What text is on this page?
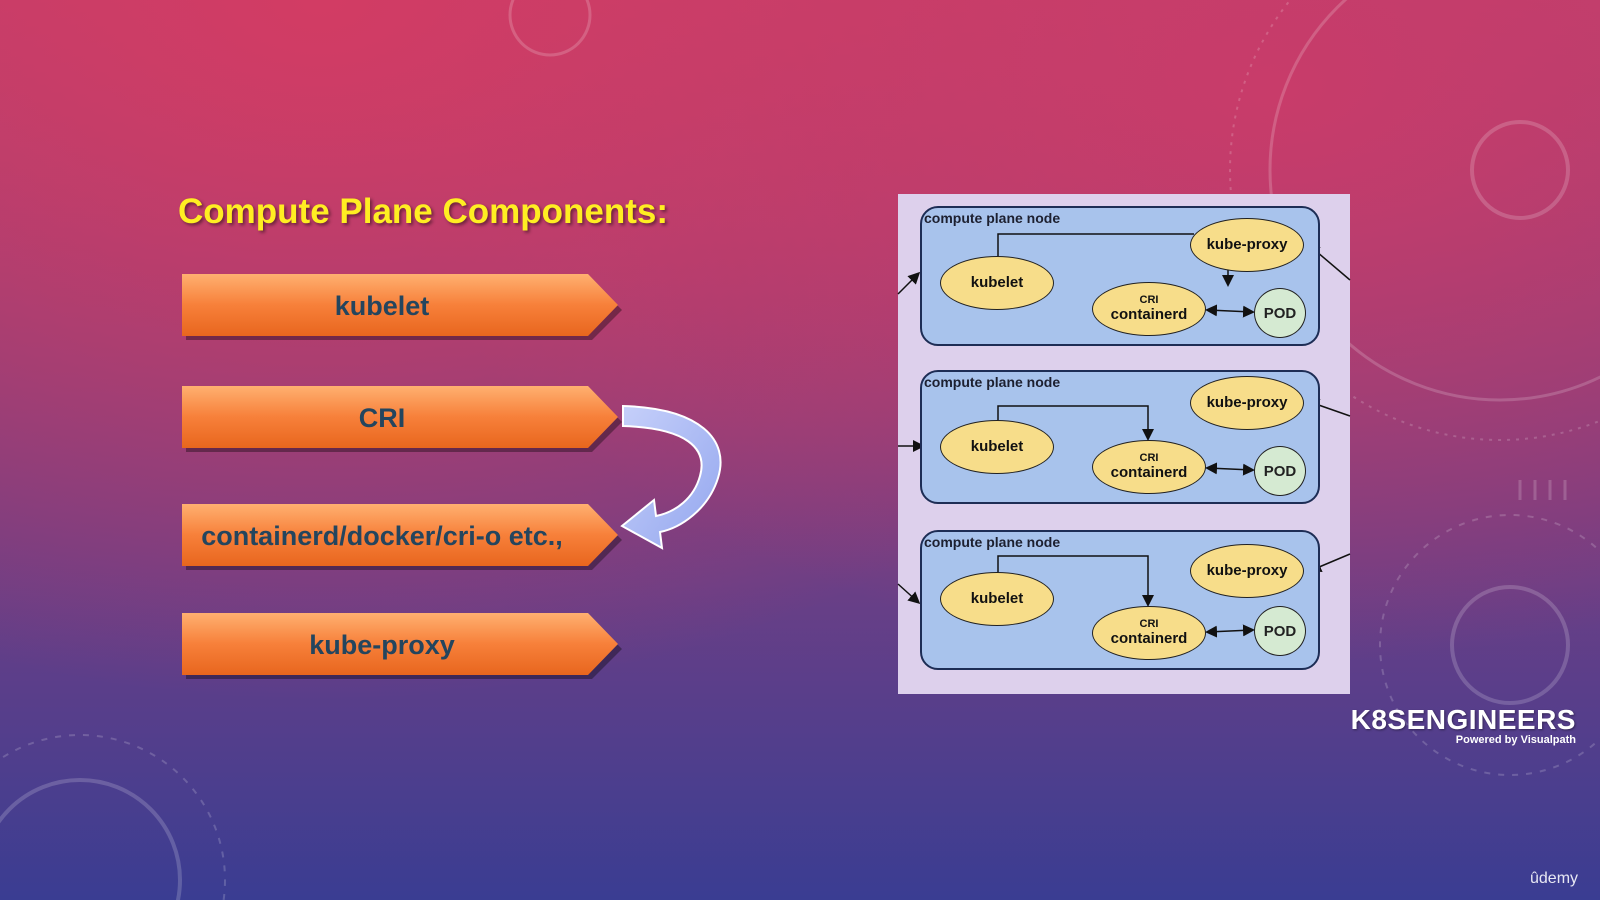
Compute Plane Components:
kubelet
CRI
containerd/docker/cri-o etc.,
kube-proxy
compute plane node
kubelet
kube-proxy
CRI
containerd	POD
compute plane node
kubelet
kube-proxy
CRI
containerd	POD
compute plane node
kubelet
kube-proxy
CRI
containerd	POD
K8SENGINEERS
Powered by Visualpath
ûdemy
